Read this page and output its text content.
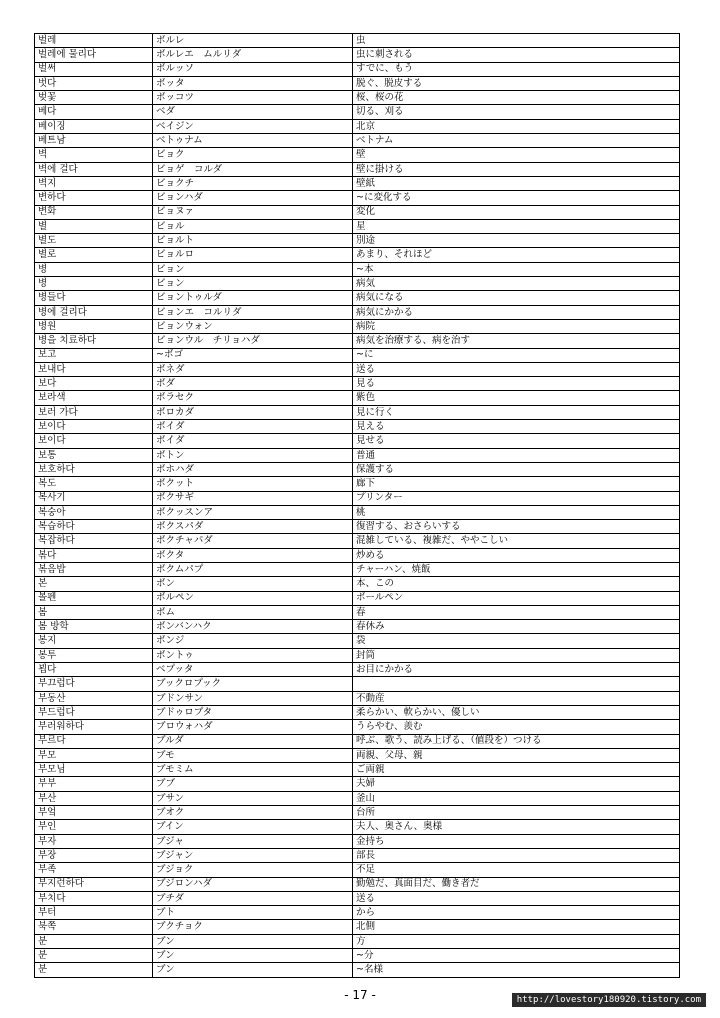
벌레	ボルレ	虫
벌레에 물리다	ボルレエ　ムルリダ	虫に刺される
벌써	ボルッソ	すでに、もう
벗다	ボッタ	脱ぐ、脱皮する
벚꽃	ボッコツ	桜、桜の花
베다	ベダ	切る、刈る
베이징	ベイジン	北京
베트남	ベトゥナム	ベトナム
벽	ビョク	壁
벽에 걸다	ビョゲ　コルダ	壁に掛ける
벽지	ビョクチ	壁紙
변하다	ビョンハダ	~に変化する
변화	ビョヌァ	変化
별	ビョル	星
별도	ビョルト	別途
별로	ビョルロ	あまり、それほど
병	ビョン	~本
병	ビョン	病気
병들다	ビョントゥルダ	病気になる
병에 걸리다	ビョンエ　コルリダ	病気にかかる
병원	ビョンウォン	病院
병을 치료하다	ビョンウル　チリョハダ	病気を治療する、病を治す
보고	~ボゴ	~に
보내다	ボネダ	送る
보다	ボダ	見る
보라색	ボラセク	紫色
보러 가다	ボロカダ	見に行く
보이다	ボイダ	見える
보이다	ボイダ	見せる
보통	ボトン	普通
보호하다	ボホハダ	保護する
복도	ボクット	廊下
복사기	ボクサギ	プリンター
복숭아	ボクッスンア	桃
복습하다	ボクスパダ	復習する、おさらいする
복잡하다	ボクチャパダ	混雑している、複雑だ、ややこしい
볶다	ボクタ	炒める
볶음밥	ボクムパプ	チャーハン、焼飯
본	ボン	本、この
볼펜	ボルペン	ボールペン
봄	ボム	春
봄 방학	ボンバンハク	春休み
봉지	ボンジ	袋
봉투	ボントゥ	封筒
뵙다	ベプッタ	お目にかかる
부끄럽다	ブックロプック	
부동산	ブドンサン	不動産
부드럽다	ブドゥロプタ	柔らかい、軟らかい、優しい
부러워하다	ブロウォハダ	うらやむ、羨む
부르다	ブルダ	呼ぶ、歌う、読み上げる、（値段を）つける
부모	ブモ	両親、父母、親
부모님	ブモミム	ご両親
부부	ブブ	夫婦
부산	ブサン	釜山
부엌	ブオク	台所
부인	ブイン	夫人、奥さん、奥様
부자	ブジャ	金持ち
부장	ブジャン	部長
부족	ブジョク	不足
부지런하다	ブジロンハダ	勤勉だ、真面目だ、働き者だ
부치다	ブチダ	送る
부터	ブト	から
북쪽	ブクチョク	北側
분	ブン	方
분	ブン	~分
분	ブン	~名様
- 17 -	http://lovestory180920.tistory.com
